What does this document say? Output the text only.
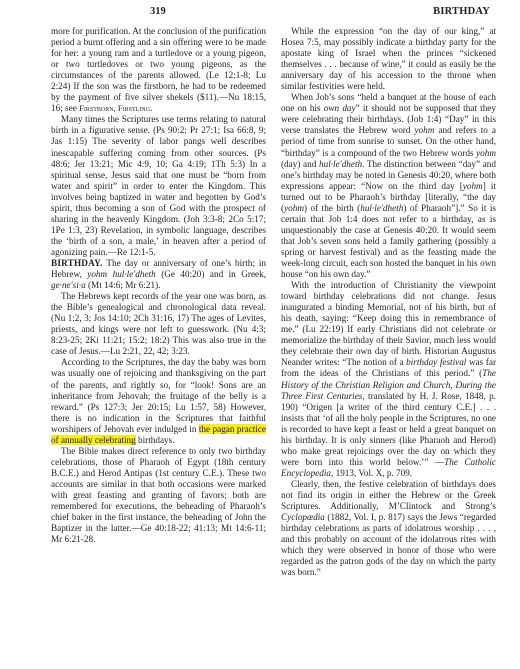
319	BIRTHDAY

more for purification. At the conclusion of the purification period a burnt offering and a sin offering were to be made for her: a young ram and a turtledove or a young pigeon, or two turtledoves or two young pigeons, as the circumstances of the parents allowed. (Le 12:1-8; Lu 2:24) If the son was the firstborn, he had to be redeemed by the payment of five silver shekels ($11).—Nu 18:15, 16; see Firstborn, Firstling.

Many times the Scriptures use terms relating to natural birth in a figurative sense. (Ps 90:2; Pr 27:1; Isa 66:8, 9; Jas 1:15) The severity of labor pangs well describes inescapable suffering coming from other sources. (Ps 48:6; Jer 13:21; Mic 4:9, 10; Ga 4:19; 1Th 5:3) In a spiritual sense, Jesus said that one must be “born from water and spirit” in order to enter the Kingdom. This involves being baptized in water and begotten by God’s spirit, thus becoming a son of God with the prospect of sharing in the heavenly Kingdom. (Joh 3:3-8; 2Co 5:17; 1Pe 1:3, 23) Revelation, in symbolic language, describes the ‘birth of a son, a male,’ in heaven after a period of agonizing pain.—Re 12:1-5.

BIRTHDAY. The day or anniversary of one’s birth; in Hebrew, yohm hul·le′dheth (Ge 40:20) and in Greek, ge·ne′si·a (Mt 14:6; Mr 6:21).

The Hebrews kept records of the year one was born, as the Bible’s genealogical and chronological data reveal. (Nu 1:2, 3; Jos 14:10; 2Ch 31:16, 17) The ages of Levites, priests, and kings were not left to guesswork. (Nu 4:3; 8:23-25; 2Ki 11:21; 15:2; 18:2) This was also true in the case of Jesus.—Lu 2:21, 22, 42; 3:23.

According to the Scriptures, the day the baby was born was usually one of rejoicing and thanksgiving on the part of the parents, and rightly so, for “look! Sons are an inheritance from Jehovah; the fruitage of the belly is a reward.” (Ps 127:3; Jer 20:15; Lu 1:57, 58) However, there is no indication in the Scriptures that faithful worshipers of Jehovah ever indulged in the pagan practice of annually celebrating birthdays.

The Bible makes direct reference to only two birthday celebrations, those of Pharaoh of Egypt (18th century B.C.E.) and Herod Antipas (1st century C.E.). These two accounts are similar in that both occasions were marked with great feasting and granting of favors; both are remembered for executions, the beheading of Pharaoh’s chief baker in the first instance, the beheading of John the Baptizer in the latter.—Ge 40:18-22; 41:13; Mt 14:6-11; Mr 6:21-28.

While the expression “on the day of our king,” at Hosea 7:5, may possibly indicate a birthday party for the apostate king of Israel when the princes “sickened themselves . . . because of wine,” it could as easily be the anniversary day of his accession to the throne when similar festivities were held.

When Job’s sons “held a banquet at the house of each one on his own day” it should not be supposed that they were celebrating their birthdays. (Job 1:4) “Day” in this verse translates the Hebrew word yohm and refers to a period of time from sunrise to sunset. On the other hand, “birthday” is a compound of the two Hebrew words yohm (day) and hul·le′dheth. The distinction between “day” and one’s birthday may be noted in Genesis 40:20, where both expressions appear: “Now on the third day [yohm] it turned out to be Pharaoh’s birthday [literally, “the day (yohm) of the birth (hul·le′dheth) of Pharaoh”].” So it is certain that Job 1:4 does not refer to a birthday, as is unquestionably the case at Genesis 40:20. It would seem that Job’s seven sons held a family gathering (possibly a spring or harvest festival) and as the feasting made the week-long circuit, each son hosted the banquet in his own house “on his own day.”

With the introduction of Christianity the viewpoint toward birthday celebrations did not change. Jesus inaugurated a binding Memorial, not of his birth, but of his death, saying: “Keep doing this in remembrance of me.” (Lu 22:19) If early Christians did not celebrate or memorialize the birthday of their Savior, much less would they celebrate their own day of birth. Historian Augustus Neander writes: “The notion of a birthday festival was far from the ideas of the Christians of this period.” (The History of the Christian Religion and Church, During the Three First Centuries, translated by H. J. Rose, 1848, p. 190) “Origen [a writer of the third century C.E.] . . . insists that ‘of all the holy people in the Scriptures, no one is recorded to have kept a feast or held a great banquet on his birthday. It is only sinners (like Pharaoh and Herod) who make great rejoicings over the day on which they were born into this world below.’” —The Catholic Encyclopedia, 1913, Vol. X, p. 709.

Clearly, then, the festive celebration of birthdays does not find its origin in either the Hebrew or the Greek Scriptures. Additionally, M’Clintock and Strong’s Cyclopædia (1882, Vol. I, p. 817) says the Jews “regarded birthday celebrations as parts of idolatrous worship . . . , and this probably on account of the idolatrous rites with which they were observed in honor of those who were regarded as the patron gods of the day on which the party was born.”
